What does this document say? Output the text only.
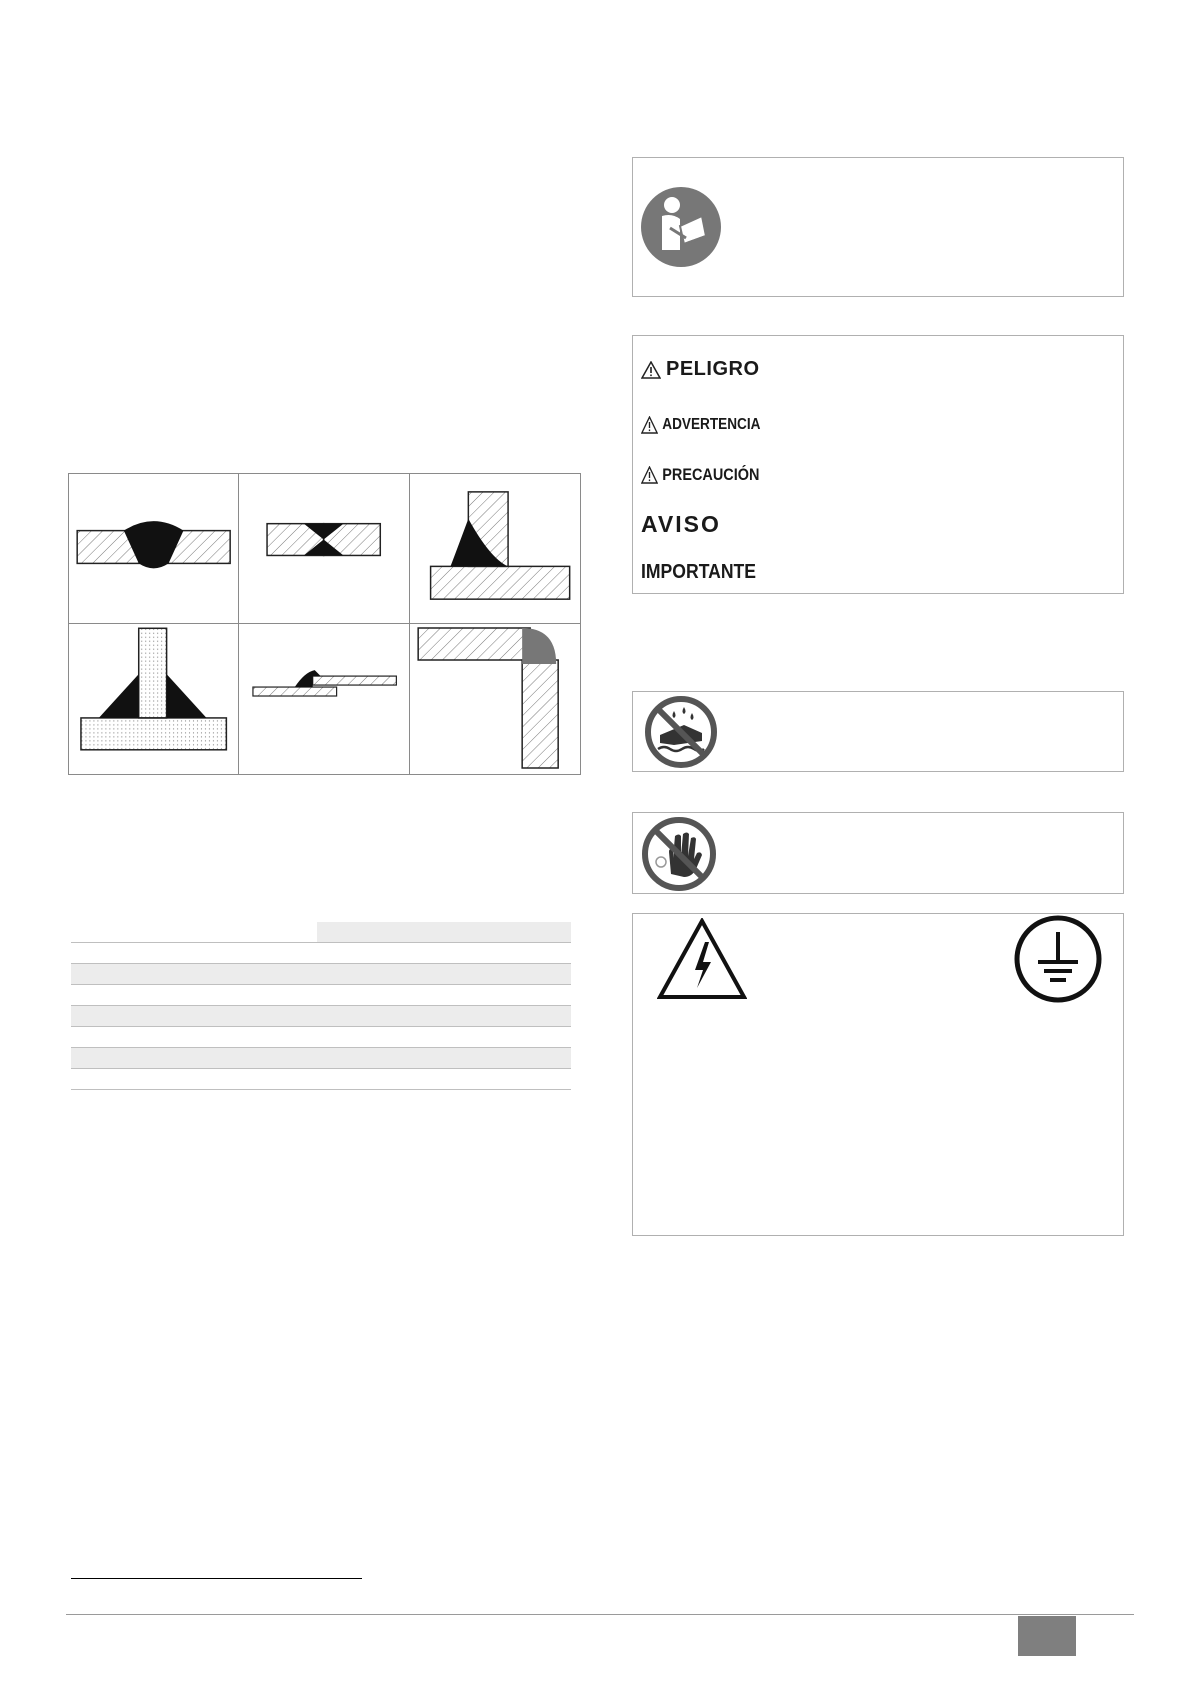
PELIGRO
ADVERTENCIA
PRECAUCIÓN
AVISO
IMPORTANTE
